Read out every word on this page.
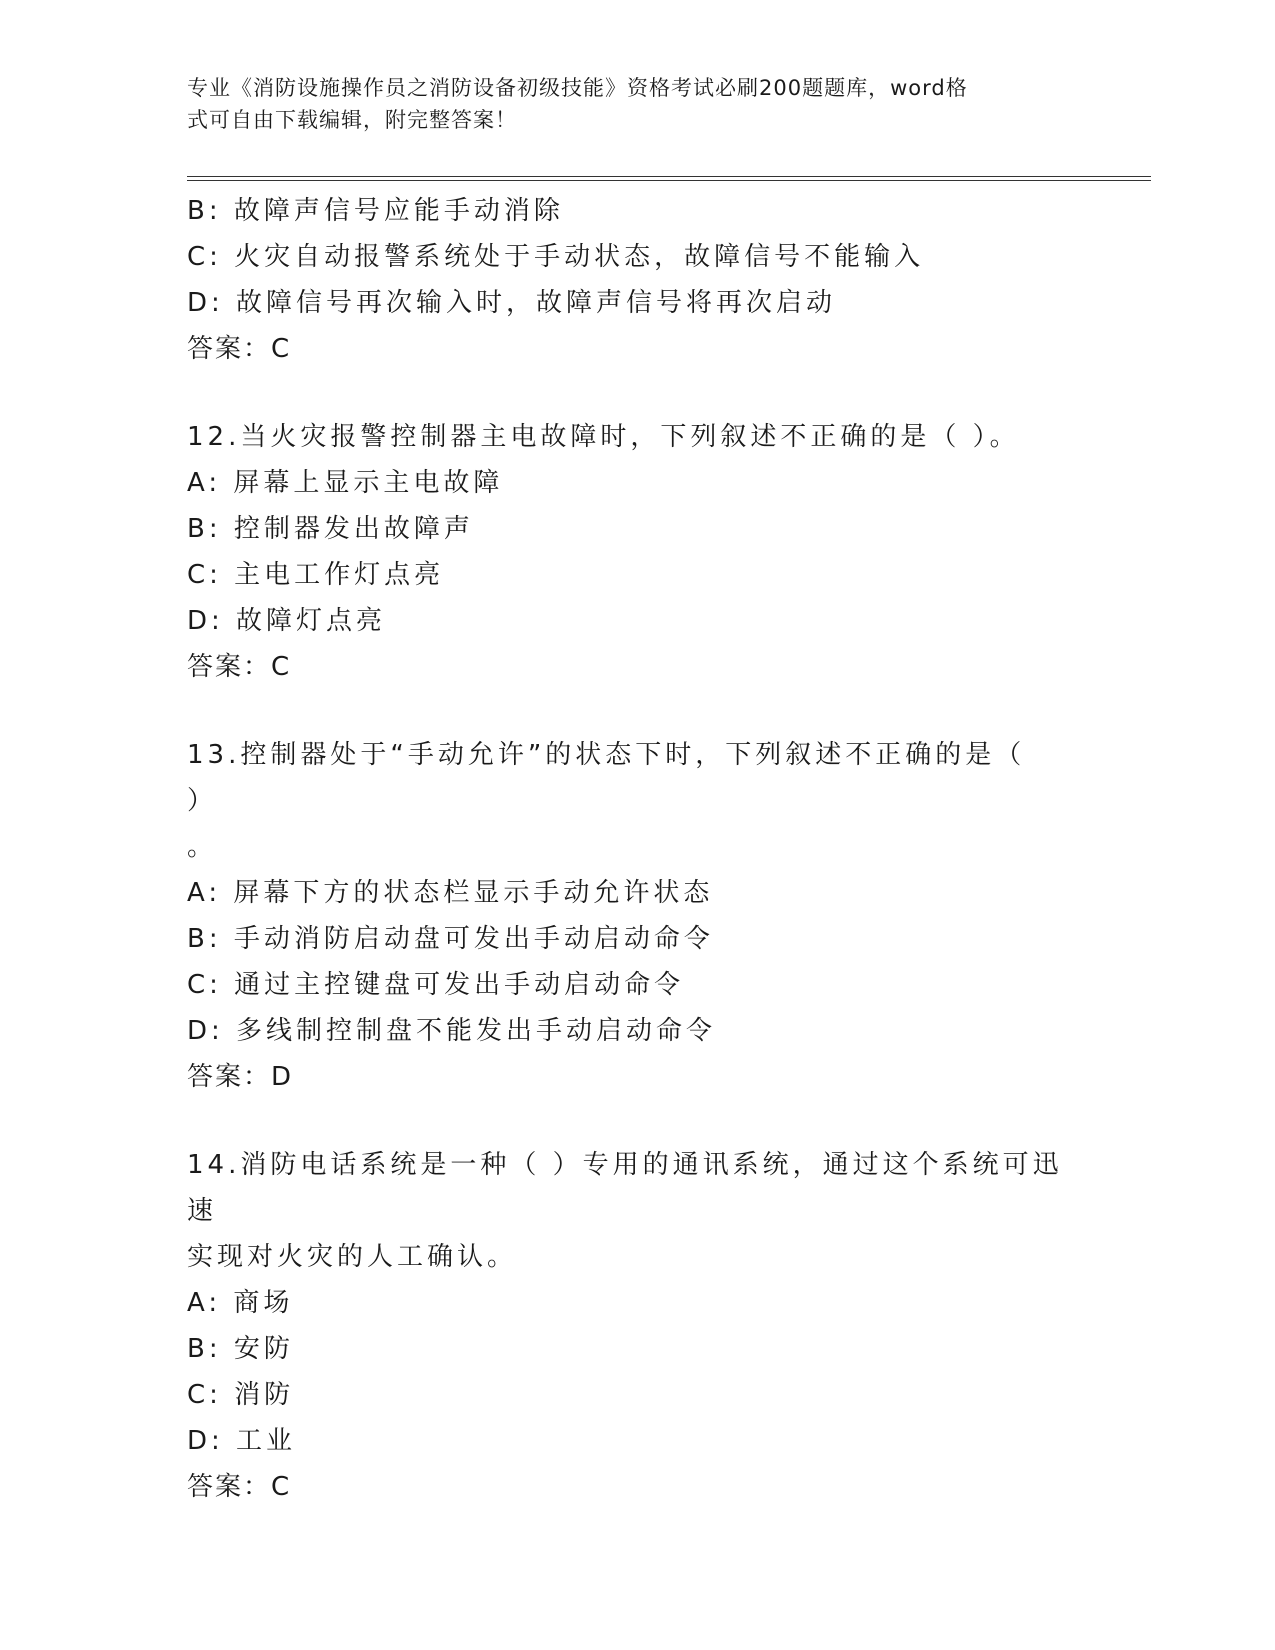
专业《消防设施操作员之消防设备初级技能》资格考试必刷200题题库，word格
式可自由下载编辑，附完整答案！
B: 故障声信号应能手动消除
C: 火灾自动报警系统处于手动状态，故障信号不能输入
D: 故障信号再次输入时，故障声信号将再次启动
答案：C
12.当火灾报警控制器主电故障时，下列叙述不正确的是（ ）。
A: 屏幕上显示主电故障
B: 控制器发出故障声
C: 主电工作灯点亮
D: 故障灯点亮
答案：C
13.控制器处于“手动允许”的状态下时，下列叙述不正确的是（ ）
。
A: 屏幕下方的状态栏显示手动允许状态
B: 手动消防启动盘可发出手动启动命令
C: 通过主控键盘可发出手动启动命令
D: 多线制控制盘不能发出手动启动命令
答案：D
14.消防电话系统是一种（ ）专用的通讯系统，通过这个系统可迅速
实现对火灾的人工确认。
A: 商场
B: 安防
C: 消防
D: 工业
答案：C
